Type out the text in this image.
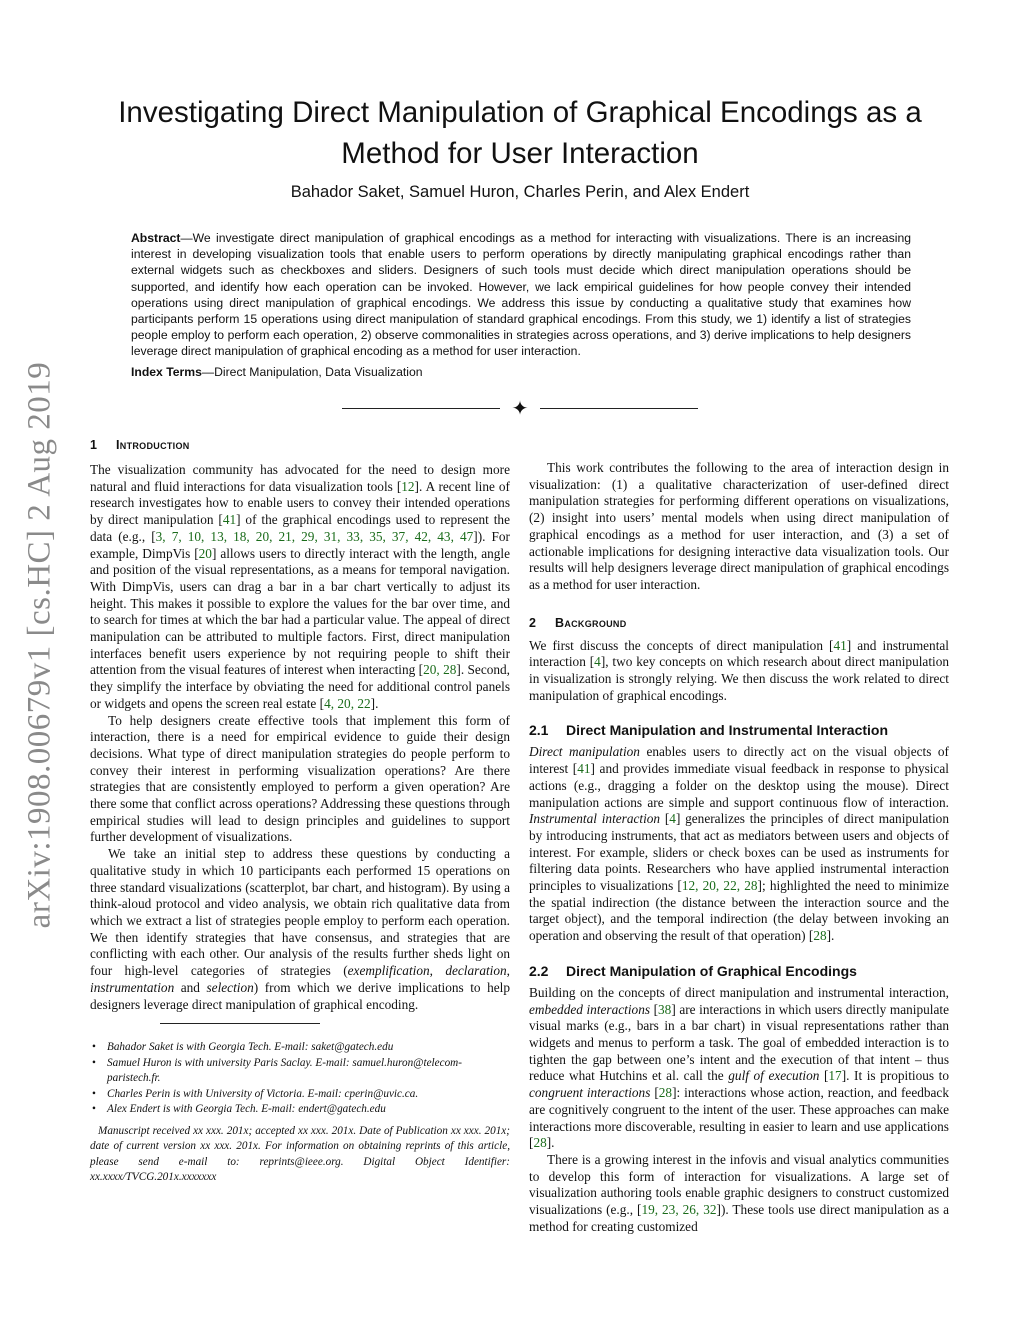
arXiv:1908.00679v1 [cs.HC] 2 Aug 2019
Investigating Direct Manipulation of Graphical Encodings as a Method for User Interaction

Bahador Saket, Samuel Huron, Charles Perin, and Alex Endert

Abstract—We investigate direct manipulation of graphical encodings as a method for interacting with visualizations. There is an increasing interest in developing visualization tools that enable users to perform operations by directly manipulating graphical encodings rather than external widgets such as checkboxes and sliders. Designers of such tools must decide which direct manipulation operations should be supported, and identify how each operation can be invoked. However, we lack empirical guidelines for how people convey their intended operations using direct manipulation of graphical encodings. We address this issue by conducting a qualitative study that examines how participants perform 15 operations using direct manipulation of standard graphical encodings. From this study, we 1) identify a list of strategies people employ to perform each operation, 2) observe commonalities in strategies across operations, and 3) derive implications to help designers leverage direct manipulation of graphical encoding as a method for user interaction.

Index Terms—Direct Manipulation, Data Visualization

✦
1 Introduction

The visualization community has advocated for the need to design more natural and fluid interactions for data visualization tools [12]. A recent line of research investigates how to enable users to convey their intended operations by direct manipulation [41] of the graphical encodings used to represent the data (e.g., [3, 7, 10, 13, 18, 20, 21, 29, 31, 33, 35, 37, 42, 43, 47]). For example, DimpVis [20] allows users to directly interact with the length, angle and position of the visual representations, as a means for temporal navigation. With DimpVis, users can drag a bar in a bar chart vertically to adjust its height. This makes it possible to explore the values for the bar over time, and to search for times at which the bar had a particular value. The appeal of direct manipulation can be attributed to multiple factors. First, direct manipulation interfaces benefit users experience by not requiring people to shift their attention from the visual features of interest when interacting [20, 28]. Second, they simplify the interface by obviating the need for additional control panels or widgets and opens the screen real estate [4, 20, 22].

To help designers create effective tools that implement this form of interaction, there is a need for empirical evidence to guide their design decisions. What type of direct manipulation strategies do people perform to convey their interest in performing visualization operations? Are there strategies that are consistently employed to perform a given operation? Are there some that conflict across operations? Addressing these questions through empirical studies will lead to design principles and guidelines to support further development of visualizations.

We take an initial step to address these questions by conducting a qualitative study in which 10 participants each performed 15 operations on three standard visualizations (scatterplot, bar chart, and histogram). By using a think-aloud protocol and video analysis, we obtain rich qualitative data from which we extract a list of strategies people employ to perform each operation. We then identify strategies that have consensus, and strategies that are conflicting with each other. Our analysis of the results further sheds light on four high-level categories of strategies (exemplification, declaration, instrumentation and selection) from which we derive implications to help designers leverage direct manipulation of graphical encoding.

• Bahador Saket is with Georgia Tech. E-mail: saket@gatech.edu
• Samuel Huron is with university Paris Saclay. E-mail: samuel.huron@telecom-paristech.fr.
• Charles Perin is with University of Victoria. E-mail: cperin@uvic.ca.
• Alex Endert is with Georgia Tech. E-mail: endert@gatech.edu

Manuscript received xx xxx. 201x; accepted xx xxx. 201x. Date of Publication xx xxx. 201x; date of current version xx xxx. 201x. For information on obtaining reprints of this article, please send e-mail to: reprints@ieee.org. Digital Object Identifier: xx.xxxx/TVCG.201x.xxxxxxx

This work contributes the following to the area of interaction design in visualization: (1) a qualitative characterization of user-defined direct manipulation strategies for performing different operations on visualizations, (2) insight into users’ mental models when using direct manipulation of graphical encodings as a method for user interaction, and (3) a set of actionable implications for designing interactive data visualization tools. Our results will help designers leverage direct manipulation of graphical encodings as a method for user interaction.

2 Background

We first discuss the concepts of direct manipulation [41] and instrumental interaction [4], two key concepts on which research about direct manipulation in visualization is strongly relying. We then discuss the work related to direct manipulation of graphical encodings.

2.1 Direct Manipulation and Instrumental Interaction

Direct manipulation enables users to directly act on the visual objects of interest [41] and provides immediate visual feedback in response to physical actions (e.g., dragging a folder on the desktop using the mouse). Direct manipulation actions are simple and support continuous flow of interaction. Instrumental interaction [4] generalizes the principles of direct manipulation by introducing instruments, that act as mediators between users and objects of interest. For example, sliders or check boxes can be used as instruments for filtering data points. Researchers who have applied instrumental interaction principles to visualizations [12, 20, 22, 28]; highlighted the need to minimize the spatial indirection (the distance between the interaction source and the target object), and the temporal indirection (the delay between invoking an operation and observing the result of that operation) [28].

2.2 Direct Manipulation of Graphical Encodings

Building on the concepts of direct manipulation and instrumental interaction, embedded interactions [38] are interactions in which users directly manipulate visual marks (e.g., bars in a bar chart) in visual representations rather than widgets and menus to perform a task. The goal of embedded interaction is to tighten the gap between one’s intent and the execution of that intent – thus reduce what Hutchins et al. call the gulf of execution [17]. It is propitious to congruent interactions [28]: interactions whose action, reaction, and feedback are cognitively congruent to the intent of the user. These approaches can make interactions more discoverable, resulting in easier to learn and use applications [28].

There is a growing interest in the infovis and visual analytics communities to develop this form of interaction for visualizations. A large set of visualization authoring tools enable graphic designers to construct customized visualizations (e.g., [19, 23, 26, 32]). These tools use direct manipulation as a method for creating customized
